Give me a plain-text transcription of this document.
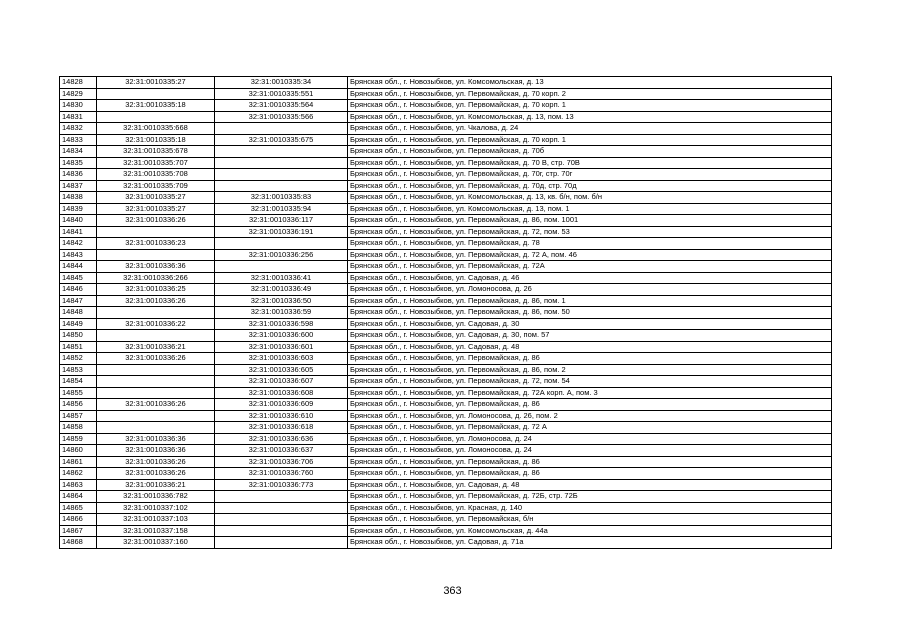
14828	32:31:0010335:27	32:31:0010335:34	Брянская обл., г. Новозыбков, ул. Комсомольская, д. 13
14829		32:31:0010335:551	Брянская обл., г. Новозыбков, ул. Первомайская, д. 70 корп. 2
14830	32:31:0010335:18	32:31:0010335:564	Брянская обл., г. Новозыбков, ул. Первомайская, д. 70 корп. 1
14831		32:31:0010335:566	Брянская обл., г. Новозыбков, ул. Комсомольская, д. 13, пом. 13
14832	32:31:0010335:668		Брянская обл., г. Новозыбков, ул. Чкалова, д. 24
14833	32:31:0010335:18	32:31:0010335:675	Брянская обл., г. Новозыбков, ул. Первомайская, д. 70 корп. 1
14834	32:31:0010335:678		Брянская обл., г. Новозыбков, ул. Первомайская, д. 70б
14835	32:31:0010335:707		Брянская обл., г. Новозыбков, ул. Первомайская, д. 70 В, стр. 70В
14836	32:31:0010335:708		Брянская обл., г. Новозыбков, ул. Первомайская, д. 70г, стр. 70г
14837	32:31:0010335:709		Брянская обл., г. Новозыбков, ул. Первомайская, д. 70д, стр. 70д
14838	32:31:0010335:27	32:31:0010335:83	Брянская обл., г. Новозыбков, ул. Комсомольская, д. 13, кв. б/н, пом. б/н
14839	32:31:0010335:27	32:31:0010335:94	Брянская обл., г. Новозыбков, ул. Комсомольская, д. 13, пом. 1
14840	32:31:0010336:26	32:31:0010336:117	Брянская обл., г. Новозыбков, ул. Первомайская, д. 86, пом. 1001
14841		32:31:0010336:191	Брянская обл., г. Новозыбков, ул. Первомайская, д. 72, пом. 53
14842	32:31:0010336:23		Брянская обл., г. Новозыбков, ул. Первомайская, д. 78
14843		32:31:0010336:256	Брянская обл., г. Новозыбков, ул. Первомайская, д. 72 А, пом. 46
14844	32:31:0010336:36		Брянская обл., г. Новозыбков, ул. Первомайская, д. 72А
14845	32:31:0010336:266	32:31:0010336:41	Брянская обл., г. Новозыбков, ул. Садовая, д. 46
14846	32:31:0010336:25	32:31:0010336:49	Брянская обл., г. Новозыбков, ул. Ломоносова, д. 26
14847	32:31:0010336:26	32:31:0010336:50	Брянская обл., г. Новозыбков, ул. Первомайская, д. 86, пом. 1
14848		32:31:0010336:59	Брянская обл., г. Новозыбков, ул. Первомайская, д. 86, пом. 50
14849	32:31:0010336:22	32:31:0010336:598	Брянская обл., г. Новозыбков, ул. Садовая, д. 30
14850		32:31:0010336:600	Брянская обл., г. Новозыбков, ул. Садовая, д. 30, пом. 57
14851	32:31:0010336:21	32:31:0010336:601	Брянская обл., г. Новозыбков, ул. Садовая, д. 48
14852	32:31:0010336:26	32:31:0010336:603	Брянская обл., г. Новозыбков, ул. Первомайская, д. 86
14853		32:31:0010336:605	Брянская обл., г. Новозыбков, ул. Первомайская, д. 86, пом. 2
14854		32:31:0010336:607	Брянская обл., г. Новозыбков, ул. Первомайская, д. 72, пом. 54
14855		32:31:0010336:608	Брянская обл., г. Новозыбков, ул. Первомайская, д. 72А корп. А, пом. 3
14856	32:31:0010336:26	32:31:0010336:609	Брянская обл., г. Новозыбков, ул. Первомайская, д. 86
14857		32:31:0010336:610	Брянская обл., г. Новозыбков, ул. Ломоносова, д. 26, пом. 2
14858		32:31:0010336:618	Брянская обл., г. Новозыбков, ул. Первомайская, д. 72 А
14859	32:31:0010336:36	32:31:0010336:636	Брянская обл., г. Новозыбков, ул. Ломоносова, д. 24
14860	32:31:0010336:36	32:31:0010336:637	Брянская обл., г. Новозыбков, ул. Ломоносова, д. 24
14861	32:31:0010336:26	32:31:0010336:706	Брянская обл., г. Новозыбков, ул. Первомайская, д. 86
14862	32:31:0010336:26	32:31:0010336:760	Брянская обл., г. Новозыбков, ул. Первомайская, д. 86
14863	32:31:0010336:21	32:31:0010336:773	Брянская обл., г. Новозыбков, ул. Садовая, д. 48
14864	32:31:0010336:782		Брянская обл., г. Новозыбков, ул. Первомайская, д. 72Б, стр. 72Б
14865	32:31:0010337:102		Брянская обл., г. Новозыбков, ул. Красная, д. 140
14866	32:31:0010337:103		Брянская обл., г. Новозыбков, ул. Первомайская, б/н
14867	32:31:0010337:158		Брянская обл., г. Новозыбков, ул. Комсомольская, д. 44а
14868	32:31:0010337:160		Брянская обл., г. Новозыбков, ул. Садовая, д. 71а
363
